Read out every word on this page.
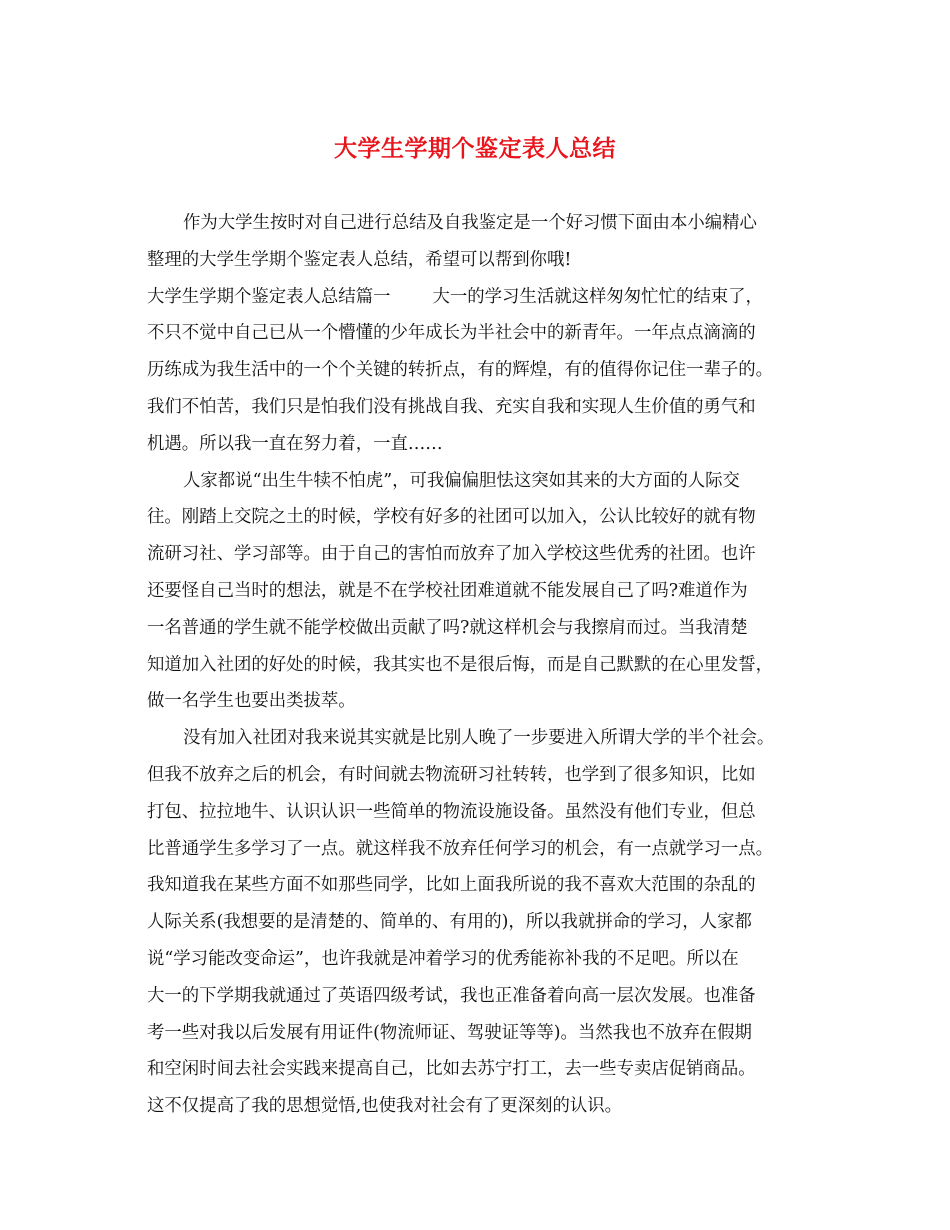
大学生学期个鉴定表人总结
作为大学生按时对自己进行总结及自我鉴定是一个好习惯下面由本小编精心
整理的大学生学期个鉴定表人总结，希望可以帮到你哦!
大学生学期个鉴定表人总结篇一 大一的学习生活就这样匆匆忙忙的结束了，
不只不觉中自己已从一个懵懂的少年成长为半社会中的新青年。一年点点滴滴的
历练成为我生活中的一个个关键的转折点，有的辉煌，有的值得你记住一辈子的。
我们不怕苦，我们只是怕我们没有挑战自我、充实自我和实现人生价值的勇气和
机遇。所以我一直在努力着，一直……
人家都说“出生牛犊不怕虎”，可我偏偏胆怯这突如其来的大方面的人际交
往。刚踏上交院之土的时候，学校有好多的社团可以加入，公认比较好的就有物
流研习社、学习部等。由于自己的害怕而放弃了加入学校这些优秀的社团。也许
还要怪自己当时的想法，就是不在学校社团难道就不能发展自己了吗?难道作为
一名普通的学生就不能学校做出贡献了吗?就这样机会与我擦肩而过。当我清楚
知道加入社团的好处的时候，我其实也不是很后悔，而是自己默默的在心里发誓，
做一名学生也要出类拔萃。
没有加入社团对我来说其实就是比别人晚了一步要进入所谓大学的半个社会。
但我不放弃之后的机会，有时间就去物流研习社转转，也学到了很多知识，比如
打包、拉拉地牛、认识认识一些简单的物流设施设备。虽然没有他们专业，但总
比普通学生多学习了一点。就这样我不放弃任何学习的机会，有一点就学习一点。
我知道我在某些方面不如那些同学，比如上面我所说的我不喜欢大范围的杂乱的
人际关系(我想要的是清楚的、简单的、有用的)，所以我就拼命的学习，人家都
说“学习能改变命运”，也许我就是冲着学习的优秀能祢补我的不足吧。所以在
大一的下学期我就通过了英语四级考试，我也正准备着向高一层次发展。也准备
考一些对我以后发展有用证件(物流师证、驾驶证等等)。当然我也不放弃在假期
和空闲时间去社会实践来提高自己，比如去苏宁打工，去一些专卖店促销商品。
这不仅提高了我的思想觉悟,也使我对社会有了更深刻的认识。
